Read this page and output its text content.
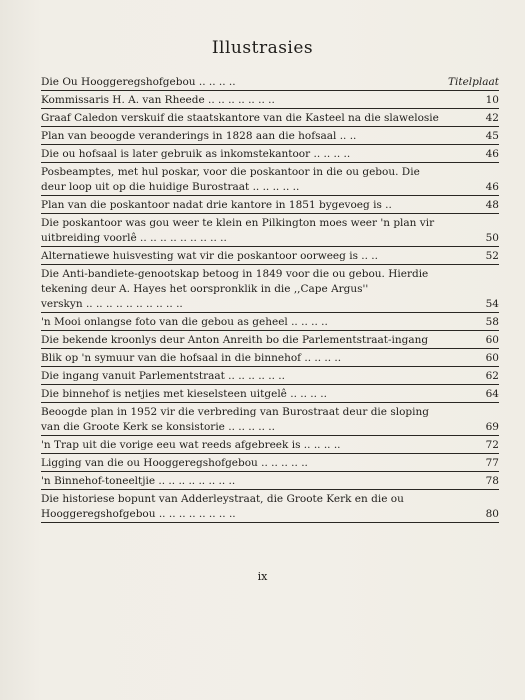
Illustrasies
Die Ou Hooggeregshofgebou .. .. .. ..	Titelplaat
Kommissaris H. A. van Rheede .. .. .. .. .. .. ..	10
Graaf Caledon verskuif die staatskantore van die Kasteel na die slawelosie	42
Plan van beoogde veranderings in 1828 aan die hofsaal .. ..	45
Die ou hofsaal is later gebruik as inkomstekantoor .. .. .. ..	46
Posbeamptes, met hul poskar, voor die poskantoor in die ou gebou. Die
deur loop uit op die huidige Burostraat .. .. .. .. ..	46
Plan van die poskantoor nadat drie kantore in 1851 bygevoeg is ..	48
Die poskantoor was gou weer te klein en Pilkington moes weer 'n plan vir
uitbreiding voorlê .. .. .. .. .. .. .. .. ..	50
Alternatiewe huisvesting wat vir die poskantoor oorweeg is .. ..	52
Die Anti-bandiete-genootskap betoog in 1849 voor die ou gebou. Hierdie
tekening deur A. Hayes het oorspronklik in die ,,Cape Argus''
verskyn .. .. .. .. .. .. .. .. .. ..	54
'n Mooi onlangse foto van die gebou as geheel .. .. .. ..	58
Die bekende kroonlys deur Anton Anreith bo die Parlementstraat-ingang	60
Blik op 'n symuur van die hofsaal in die binnehof .. .. .. ..	60
Die ingang vanuit Parlementstraat .. .. .. .. .. ..	62
Die binnehof is netjies met kieselsteen uitgelê .. .. .. ..	64
Beoogde plan in 1952 vir die verbreding van Burostraat deur die sloping
van die Groote Kerk se konsistorie .. .. .. .. ..	69
'n Trap uit die vorige eeu wat reeds afgebreek is .. .. .. ..	72
Ligging van die ou Hooggeregshofgebou .. .. .. .. ..	77
'n Binnehof-toneeltjie .. .. .. .. .. .. .. ..	78
Die historiese bopunt van Adderleystraat, die Groote Kerk en die ou
Hooggeregshofgebou .. .. .. .. .. .. .. ..	80
ix
